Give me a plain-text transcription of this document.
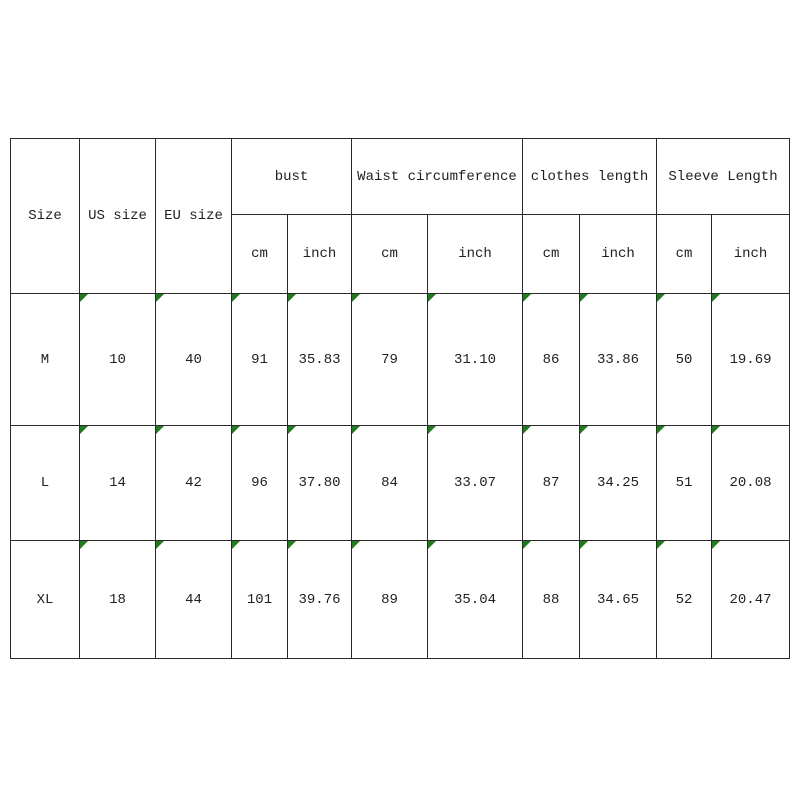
Size	US size	EU size	bust		Waist circumference		clothes length		Sleeve Length	
			cm	inch	cm	inch	cm	inch	cm	inch
M	10	40	91	35.83	79	31.10	86	33.86	50	19.69
L	14	42	96	37.80	84	33.07	87	34.25	51	20.08
XL	18	44	101	39.76	89	35.04	88	34.65	52	20.47
